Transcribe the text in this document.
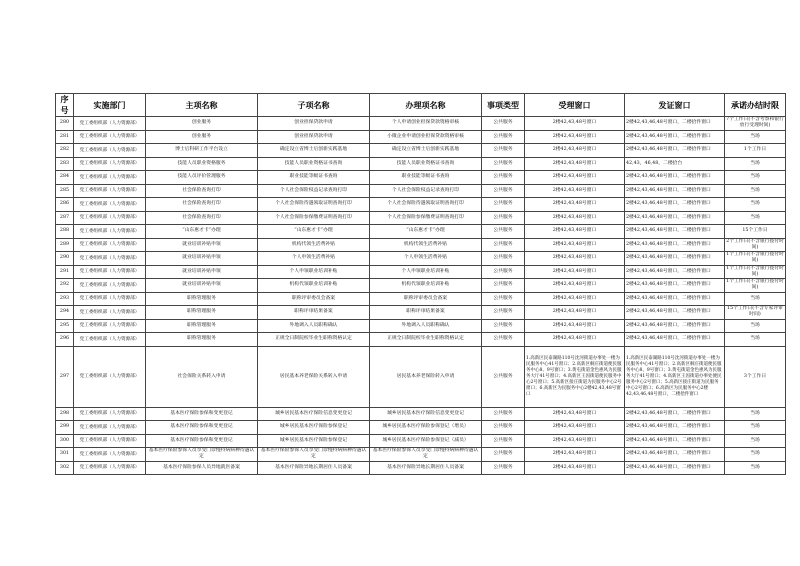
序号	实施部门	主项名称	子项名称	办理项名称	事项类型	受理窗口	发证窗口	承诺办结时限
280	党工委组织部（人力资源部）	创业服务	创业担保贷款申请	个人申请创业担保贷款资格审核	公共服务	2楼42,43,48号窗口	2楼42,43,46,48号窗口，二楼拾件窗口	7个工作日(不含考察和银行放行受理时间)
281	党工委组织部（人力资源部）	创业服务	创业担保贷款申请	小微企业申请创业担保贷款资格审核	公共服务	2楼42,43,48号窗口	2楼42,43,46,48号窗口，二楼拾件窗口	当场
282	党工委组织部（人力资源部）	博士后科研工作平台设立	确定设立省博士后创新实践基地	确定设立省博士后创新实践基地	公共服务	2楼42,43,48号窗口	2楼42,43,46,48号窗口，二楼拾件窗口	1个工作日
283	党工委组织部（人力资源部）	技能人员职业资格服务	技能人员职业资格证书查询	技能人员职业资格证书查询	公共服务	2楼42,43,48号窗口	42,43，46,48，二楼拾台	当场
284	党工委组织部（人力资源部）	技能人员评价管理服务	职业技能等级证书查询	职业技能等级证书查询	公共服务	2楼42,43,48号窗口	2楼42,43,46,48号窗口，二楼拾件窗口	当场
285	党工委组织部（人力资源部）	社会保险查询打印	个人社会保险权益记录查询打印	个人社会保险权益记录查询打印	公共服务	2楼42,43,48号窗口	2楼42,43,46,48号窗口，二楼拾件窗口	当场
286	党工委组织部（人力资源部）	社会保险查询打印	个人社会保险待遇领取证明查询打印	个人社会保险待遇领取证明查询打印	公共服务	2楼42,43,48号窗口	2楼42,43,46,48号窗口，二楼拾件窗口	当场
287	党工委组织部（人力资源部）	社会保险查询打印	个人社会保险参保缴费证明查询打印	个人社会保险参保缴费证明查询打印	公共服务	2楼42,43,48号窗口	2楼42,43,46,48号窗口，二楼拾件窗口	当场
288	党工委组织部（人力资源部）	“山东惠才卡”办理	“山东惠才卡”办理	“山东惠才卡”办理	公共服务	2楼42,43,48号窗口	2楼42,43,46,48号窗口，二楼拾件窗口	15个工作日
289	党工委组织部（人力资源部）	就业培训补贴申领	机构代领生活费补贴	机构代领生活费补贴	公共服务	2楼42,43,48号窗口	2楼42,43,46,48号窗口，二楼拾件窗口	2个工作日(不含银行拨付时间)
290	党工委组织部（人力资源部）	就业培训补贴申领	个人申领生活费补贴	个人申领生活费补贴	公共服务	2楼42,43,48号窗口	2楼42,43,46,48号窗口，二楼拾件窗口	1个工作日(不含银行拨付时间)
291	党工委组织部（人力资源部）	就业培训补贴申领	个人申领职业培训补贴	个人申领职业培训补贴	公共服务	2楼42,43,48号窗口	2楼42,43,46,48号窗口，二楼拾件窗口	1个工作日(不含银行拨付时间)
292	党工委组织部（人力资源部）	就业培训补贴申领	机构代领职业培训补贴	机构代领职业培训补贴	公共服务	2楼42,43,48号窗口	2楼42,43,46,48号窗口，二楼拾件窗口	1个工作日(不含银行拨付时间)
293	党工委组织部（人力资源部）	职称管理服务	职称评审委员会备案	职称评审委员会备案	公共服务	2楼42,43,48号窗口	2楼42,43,46,48号窗口，二楼拾件窗口	当场
294	党工委组织部（人力资源部）	职称管理服务	职称评审结果备案	职称评审结果备案	公共服务	2楼42,43,48号窗口	2楼42,43,46,48号窗口，二楼拾件窗口	15个工作日(不含专家评审时间)
295	党工委组织部（人力资源部）	职称管理服务	外地调入人员职称确认	外地调入人员职称确认	公共服务	2楼42,43,48号窗口	2楼42,43,46,48号窗口，二楼拾件窗口	当场
296	党工委组织部（人力资源部）	职称管理服务	正规全日制院校毕业生职称资格认定	正规全日制院校毕业生职称资格认定	公共服务	2楼42,43,48号窗口	2楼42,43,46,48号窗口，二楼拾件窗口	当场
297	党工委组织部（人力资源部）	社会保险关系转入申请	居民基本养老保险关系转入申请	居民基本养老保险转入申请	公共服务	1.高新区民泰湖路110号沈河街道办事处一楼为民服务中心41号窗口；2.高新区桐庄街道便民服务中心8、9号窗口；3.黄屯街道金色惠风为民服务大厅41号窗口；4.高新区王因街道便民服务中心2号窗口；5.高新区接庄街道为民服务中心2号窗口；6.高新区为民服务中心2楼42,43,48号窗口	1.高新区民泰湖路110号沈河街道办事处一楼为民服务中心41号窗口；2.高新区桐庄街道便民服务中心8、9号窗口；3.黄屯街道金色惠风为民服务大厅41号窗口；4.高新区王因街道办事处便民服务中心2号窗口；5.高新区接庄街道为民服务中心2号窗口；6.高新区为民服务中心2楼42,43,46,48号窗口，二楼拾件窗口	3个工作日
298	党工委组织部（人力资源部）	基本医疗保险参保和变更登记	城乡居民基本医疗保险信息变更登记	城乡居民基本医疗保险信息变更登记	公共服务	2楼42,43,48号窗口	2楼42,43,46,48号窗口，二楼拾件窗口	当场
299	党工委组织部（人力资源部）	基本医疗保险参保和变更登记	城乡居民基本医疗保险参保登记	城乡居民基本医疗保险参保登记（增员）	公共服务	2楼42,43,48号窗口	2楼42,43,46,48号窗口，二楼拾件窗口	当场
300	党工委组织部（人力资源部）	基本医疗保险参保和变更登记	城乡居民基本医疗保险参保登记	城乡居民基本医疗保险参保登记（减员）	公共服务	2楼42,43,48号窗口	2楼42,43,46,48号窗口，二楼拾件窗口	当场
301	党工委组织部（人力资源部）	基本医疗保险参保人员享受门诊慢特病病种待遇认定	基本医疗保险参保人员享受门诊慢特病病种待遇认定	基本医疗保险参保人员享受门诊慢特病病种待遇认定	公共服务	2楼42,43,48号窗口	2楼42,43,46,48号窗口，二楼拾件窗口	当场
302	党工委组织部（人力资源部）	基本医疗保险参保人员异地就医备案	基本医疗保险异地长期居住人员备案	基本医疗保险异地长期居住人员备案	公共服务	2楼42,43,48号窗口	2楼42,43,46,48号窗口，二楼拾件窗口	当场
